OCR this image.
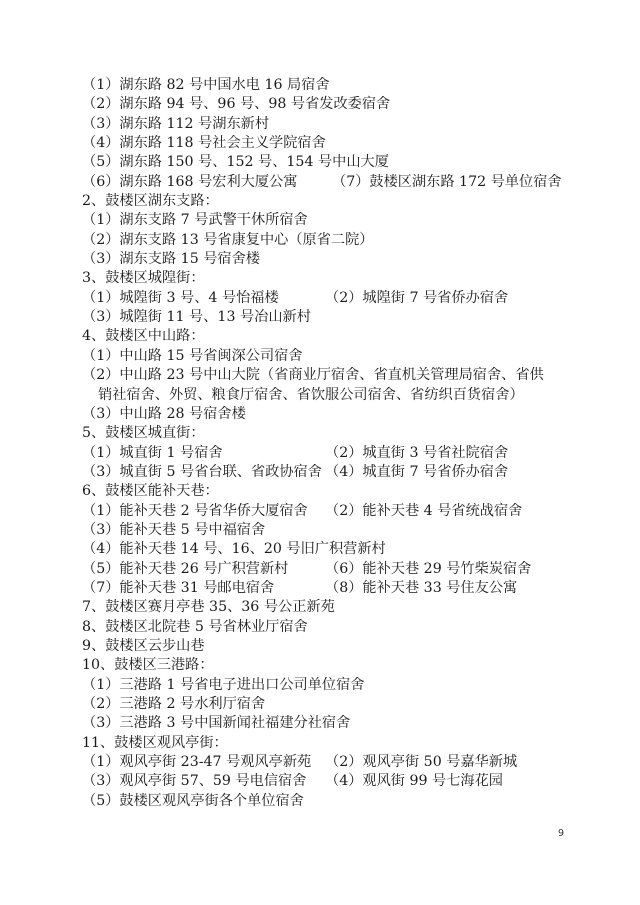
（1）湖东路 82 号中国水电 16 局宿舍
（2）湖东路 94 号、96 号、98 号省发改委宿舍
（3）湖东路 112 号湖东新村
（4）湖东路 118 号社会主义学院宿舍
（5）湖东路 150 号、152 号、154 号中山大厦
（6）湖东路 168 号宏利大厦公寓 （7）鼓楼区湖东路 172 号单位宿舍
2、鼓楼区湖东支路：
（1）湖东支路 7 号武警干休所宿舍
（2）湖东支路 13 号省康复中心（原省二院）
（3）湖东支路 15 号宿舍楼
3、鼓楼区城隍街：
（1）城隍街 3 号、4 号怡福楼	（2）城隍街 7 号省侨办宿舍
（3）城隍街 11 号、13 号冶山新村
4、鼓楼区中山路：
（1）中山路 15 号省闽深公司宿舍
（2）中山路 23 号中山大院（省商业厅宿舍、省直机关管理局宿舍、省供
销社宿舍、外贸、粮食厅宿舍、省饮服公司宿舍、省纺织百货宿舍）
（3）中山路 28 号宿舍楼
5、鼓楼区城直街：
（1）城直街 1 号宿舍	（2）城直街 3 号省社院宿舍
（3）城直街 5 号省台联、省政协宿舍 （4）城直街 7 号省侨办宿舍
6、鼓楼区能补天巷：
（1）能补天巷 2 号省华侨大厦宿舍 （2）能补天巷 4 号省统战宿舍
（3）能补天巷 5 号中福宿舍
（4）能补天巷 14 号、16、20 号旧广积营新村
（5）能补天巷 26 号广积营新村	（6）能补天巷 29 号竹柴炭宿舍
（7）能补天巷 31 号邮电宿舍	（8）能补天巷 33 号住友公寓
7、鼓楼区赛月亭巷 35、36 号公正新苑
8、鼓楼区北院巷 5 号省林业厅宿舍
9、鼓楼区云步山巷
10、鼓楼区三港路：
（1）三港路 1 号省电子进出口公司单位宿舍
（2）三港路 2 号水利厅宿舍
（3）三港路 3 号中国新闻社福建分社宿舍
11、鼓楼区观风亭街：
（1）观风亭街 23-47 号观风亭新苑 （2）观风亭街 50 号嘉华新城
（3）观风亭街 57、59 号电信宿舍 （4）观风街 99 号七海花园
（5）鼓楼区观风亭街各个单位宿舍
9
